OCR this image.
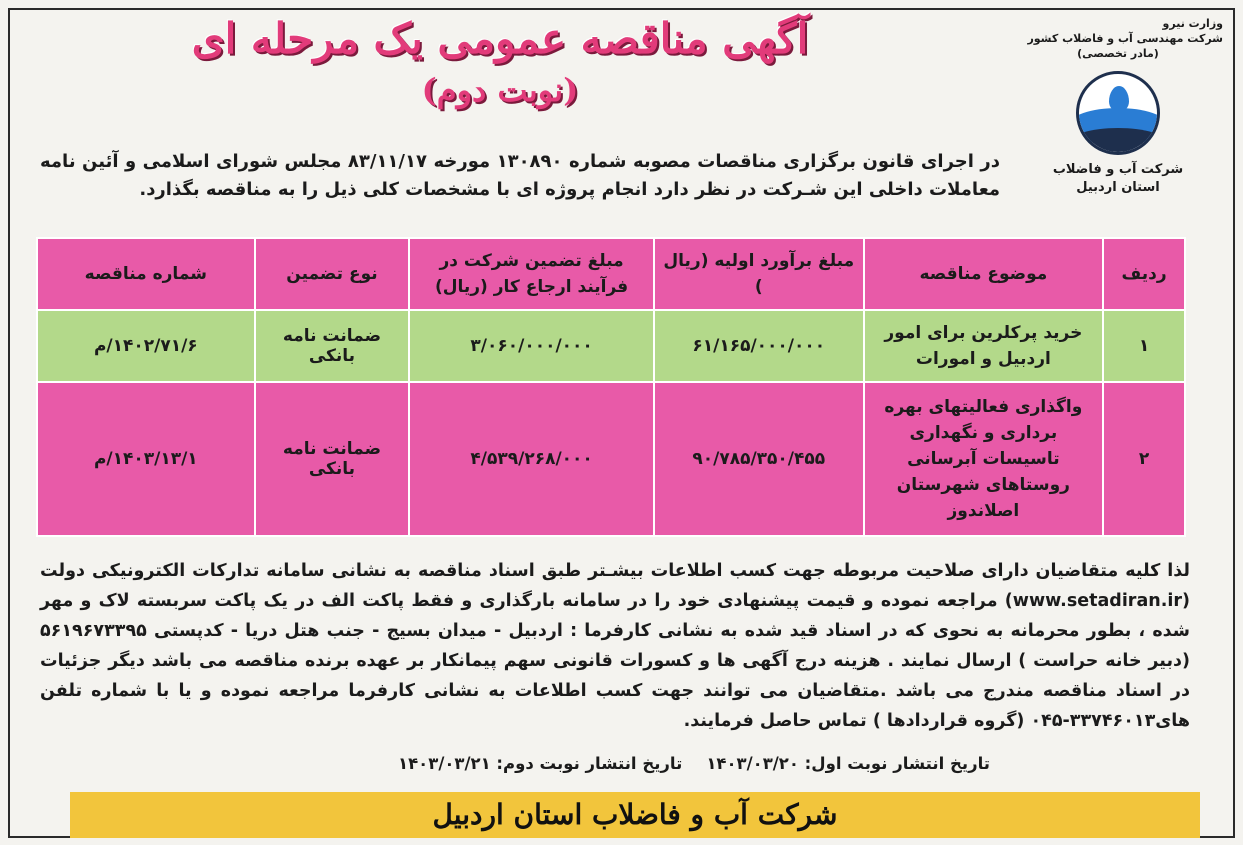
وزارت نیرو
شرکت مهندسی آب و فاضلاب کشور
(مادر تخصصی)
شرکت آب و فاضلاب
استان اردبیل
آگهی مناقصه عمومی یک مرحله ای
(نوبت دوم)
در اجرای قانون برگزاری مناقصات مصوبه شماره ۱۳۰۸۹۰ مورخه ۸۳/۱۱/۱۷ مجلس شورای اسلامی و آئین نامه معاملات داخلی این شـرکت در نظر دارد انجام پروژه ای با مشخصات کلی ذیل را به مناقصه بگذارد.
ردیف	موضوع مناقصه	مبلغ برآورد اولیه (ریال )	مبلغ تضمین شرکت در فرآیند ارجاع کار (ریال)	نوع تضمین	شماره مناقصه
۱	خرید پرکلرین برای امور اردبیل و امورات	۶۱/۱۶۵/۰۰۰/۰۰۰	۳/۰۶۰/۰۰۰/۰۰۰	ضمانت نامه بانکی	۱۴۰۲/۷۱/۶/م
۲	واگذاری فعالیتهای بهره برداری و نگهداری تاسیسات آبرسانی روستاهای شهرستان اصلاندوز	۹۰/۷۸۵/۳۵۰/۴۵۵	۴/۵۳۹/۲۶۸/۰۰۰	ضمانت نامه بانکی	۱۴۰۳/۱۳/۱/م
لذا کلیه متقاضیان دارای صلاحیت مربوطه جهت کسب اطلاعات بیشـتر طبق اسناد مناقصه به نشانی سامانه تدارکات الکترونیکی دولت (www.setadiran.ir) مراجعه نموده و قیمت پیشنهادی خود را در سامانه بارگذاری و فقط پاکت الف در یک پاکت سربسته لاک و مهر شده ، بطور محرمانه به نحوی که در اسناد قید شده به نشانی کارفرما : اردبیل - میدان بسیج - جنب هتل دریا - کدپستی ۵۶۱۹۶۷۳۳۹۵ (دبیر خانه حراست ) ارسال نمایند . هزینه درج آگهی ها و کسورات قانونی سهم پیمانکار بر عهده برنده مناقصه می باشد دیگر جزئیات در اسناد مناقصه مندرج می باشد .متقاضیان می توانند جهت کسب اطلاعات به نشانی کارفرما مراجعه نموده و یا با شماره تلفن های۳۳۷۴۶۰۱۳-۰۴۵ (گروه قراردادها ) تماس حاصل فرمایند.
تاریخ انتشار نوبت اول: ۱۴۰۳/۰۳/۲۰
تاریخ انتشار نوبت دوم: ۱۴۰۳/۰۳/۲۱
شرکت آب و فاضلاب استان اردبیل
